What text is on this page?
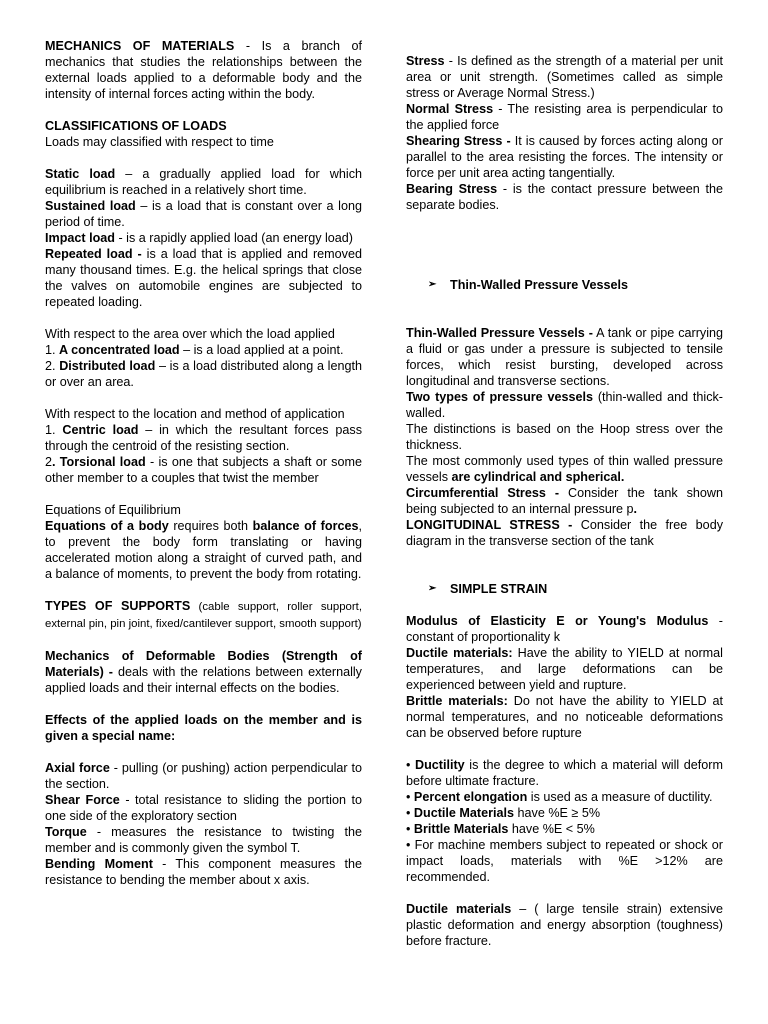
MECHANICS OF MATERIALS - Is a branch of mechanics that studies the relationships between the external loads applied to a deformable body and the intensity of internal forces acting within the body.

CLASSIFICATIONS OF LOADS

Loads may classified with respect to time

Static load – a gradually applied load for which equilibrium is reached in a relatively short time.

Sustained load – is a load that is constant over a long period of time.

Impact load - is a rapidly applied load (an energy load)

Repeated load - is a load that is applied and removed many thousand times. E.g. the helical springs that close the valves on automobile engines are subjected to repeated loading.

With respect to the area over which the load applied

1. A concentrated load – is a load applied at a point.

2. Distributed load – is a load distributed along a length or over an area.

With respect to the location and method of application

1. Centric load – in which the resultant forces pass through the centroid of the resisting section.

2. Torsional load - is one that subjects a shaft or some other member to a couples that twist the member

Equations of Equilibrium

Equations of a body requires both balance of forces, to prevent the body form translating or having accelerated motion along a straight of curved path, and a balance of moments, to prevent the body from rotating.

TYPES OF SUPPORTS (cable support, roller support, external pin, pin joint, fixed/cantilever support, smooth support)

Mechanics of Deformable Bodies (Strength of Materials) - deals with the relations between externally applied loads and their internal effects on the bodies.

Effects of the applied loads on the member and is given a special name:

Axial force - pulling (or pushing) action perpendicular to the section.

Shear Force - total resistance to sliding the portion to one side of the exploratory section

Torque - measures the resistance to twisting the member and is commonly given the symbol T.

Bending Moment - This component measures the resistance to bending the member about x axis.

Stress - Is defined as the strength of a material per unit area or unit strength. (Sometimes called as simple stress or Average Normal Stress.)

Normal Stress - The resisting area is perpendicular to the applied force

Shearing Stress - It is caused by forces acting along or parallel to the area resisting the forces. The intensity or force per unit area acting tangentially.

Bearing Stress - is the contact pressure between the separate bodies.

➢ Thin-Walled Pressure Vessels

Thin-Walled Pressure Vessels - A tank or pipe carrying a fluid or gas under a pressure is subjected to tensile forces, which resist bursting, developed across longitudinal and transverse sections.

Two types of pressure vessels (thin-walled and thick-walled.

The distinctions is based on the Hoop stress over the thickness.

The most commonly used types of thin walled pressure vessels are cylindrical and spherical.

Circumferential Stress - Consider the tank shown being subjected to an internal pressure p.

LONGITUDINAL STRESS - Consider the free body diagram in the transverse section of the tank

➢ SIMPLE STRAIN

Modulus of Elasticity E or Young's Modulus - constant of proportionality k

Ductile materials: Have the ability to YIELD at normal temperatures, and large deformations can be experienced between yield and rupture.

Brittle materials: Do not have the ability to YIELD at normal temperatures, and no noticeable deformations can be observed before rupture

• Ductility is the degree to which a material will deform before ultimate fracture.

• Percent elongation is used as a measure of ductility.

• Ductile Materials have %E ≥ 5%

• Brittle Materials have %E < 5%

• For machine members subject to repeated or shock or impact loads, materials with %E >12% are recommended.

Ductile materials – ( large tensile strain) extensive plastic deformation and energy absorption (toughness) before fracture.
